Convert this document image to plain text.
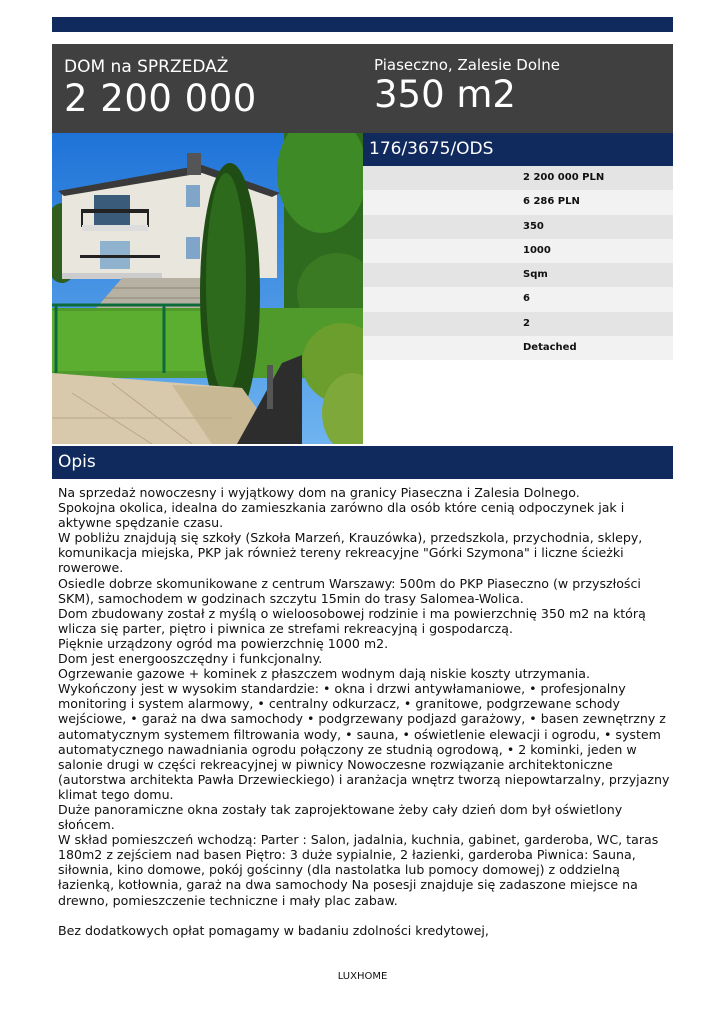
DOM na SPRZEDAŻ
2 200 000
Piaseczno, Zalesie Dolne
350 m2
176/3675/ODS
2 200 000 PLN
6 286 PLN
350
1000
Sqm
6
2
Detached
Opis

Na sprzedaż nowoczesny i wyjątkowy dom na granicy Piaseczna i Zalesia Dolnego.

Spokojna okolica, idealna do zamieszkania zarówno dla osób które cenią odpoczynek jak i aktywne spędzanie czasu.

W pobliżu znajdują się szkoły (Szkoła Marzeń, Krauzówka), przedszkola, przychodnia, sklepy, komunikacja miejska, PKP jak również tereny rekreacyjne "Górki Szymona" i liczne ścieżki rowerowe.

Osiedle dobrze skomunikowane z centrum Warszawy: 500m do PKP Piaseczno (w przyszłości SKM), samochodem w godzinach szczytu 15min do trasy Salomea-Wolica.

Dom zbudowany został z myślą o wieloosobowej rodzinie i ma powierzchnię 350 m2 na którą wlicza się parter, piętro i piwnica ze strefami rekreacyjną i gospodarczą.

Pięknie urządzony ogród ma powierzchnię 1000 m2.

Dom jest energooszczędny i funkcjonalny.

Ogrzewanie gazowe + kominek z płaszczem wodnym dają niskie koszty utrzymania.

Wykończony jest w wysokim standardzie: • okna i drzwi antywłamaniowe, • profesjonalny monitoring i system alarmowy, • centralny odkurzacz, • granitowe, podgrzewane schody wejściowe, • garaż na dwa samochody • podgrzewany podjazd garażowy, • basen zewnętrzny z automatycznym systemem filtrowania wody, • sauna, • oświetlenie elewacji i ogrodu, • system automatycznego nawadniania ogrodu połączony ze studnią ogrodową, • 2 kominki, jeden w salonie drugi w części rekreacyjnej w piwnicy Nowoczesne rozwiązanie architektoniczne (autorstwa architekta Pawła Drzewieckiego) i aranżacja wnętrz tworzą niepowtarzalny, przyjazny klimat tego domu.

Duże panoramiczne okna zostały tak zaprojektowane żeby cały dzień dom był oświetlony słońcem.

W skład pomieszczeń wchodzą: Parter : Salon, jadalnia, kuchnia, gabinet, garderoba, WC, taras 180m2 z zejściem nad basen Piętro: 3 duże sypialnie, 2 łazienki, garderoba Piwnica: Sauna, siłownia, kino domowe, pokój gościnny (dla nastolatka lub pomocy domowej) z oddzielną łazienką, kotłownia, garaż na dwa samochody Na posesji znajduje się zadaszone miejsce na drewno, pomieszczenie techniczne i mały plac zabaw.

Bez dodatkowych opłat pomagamy w badaniu zdolności kredytowej,

LUXHOME
